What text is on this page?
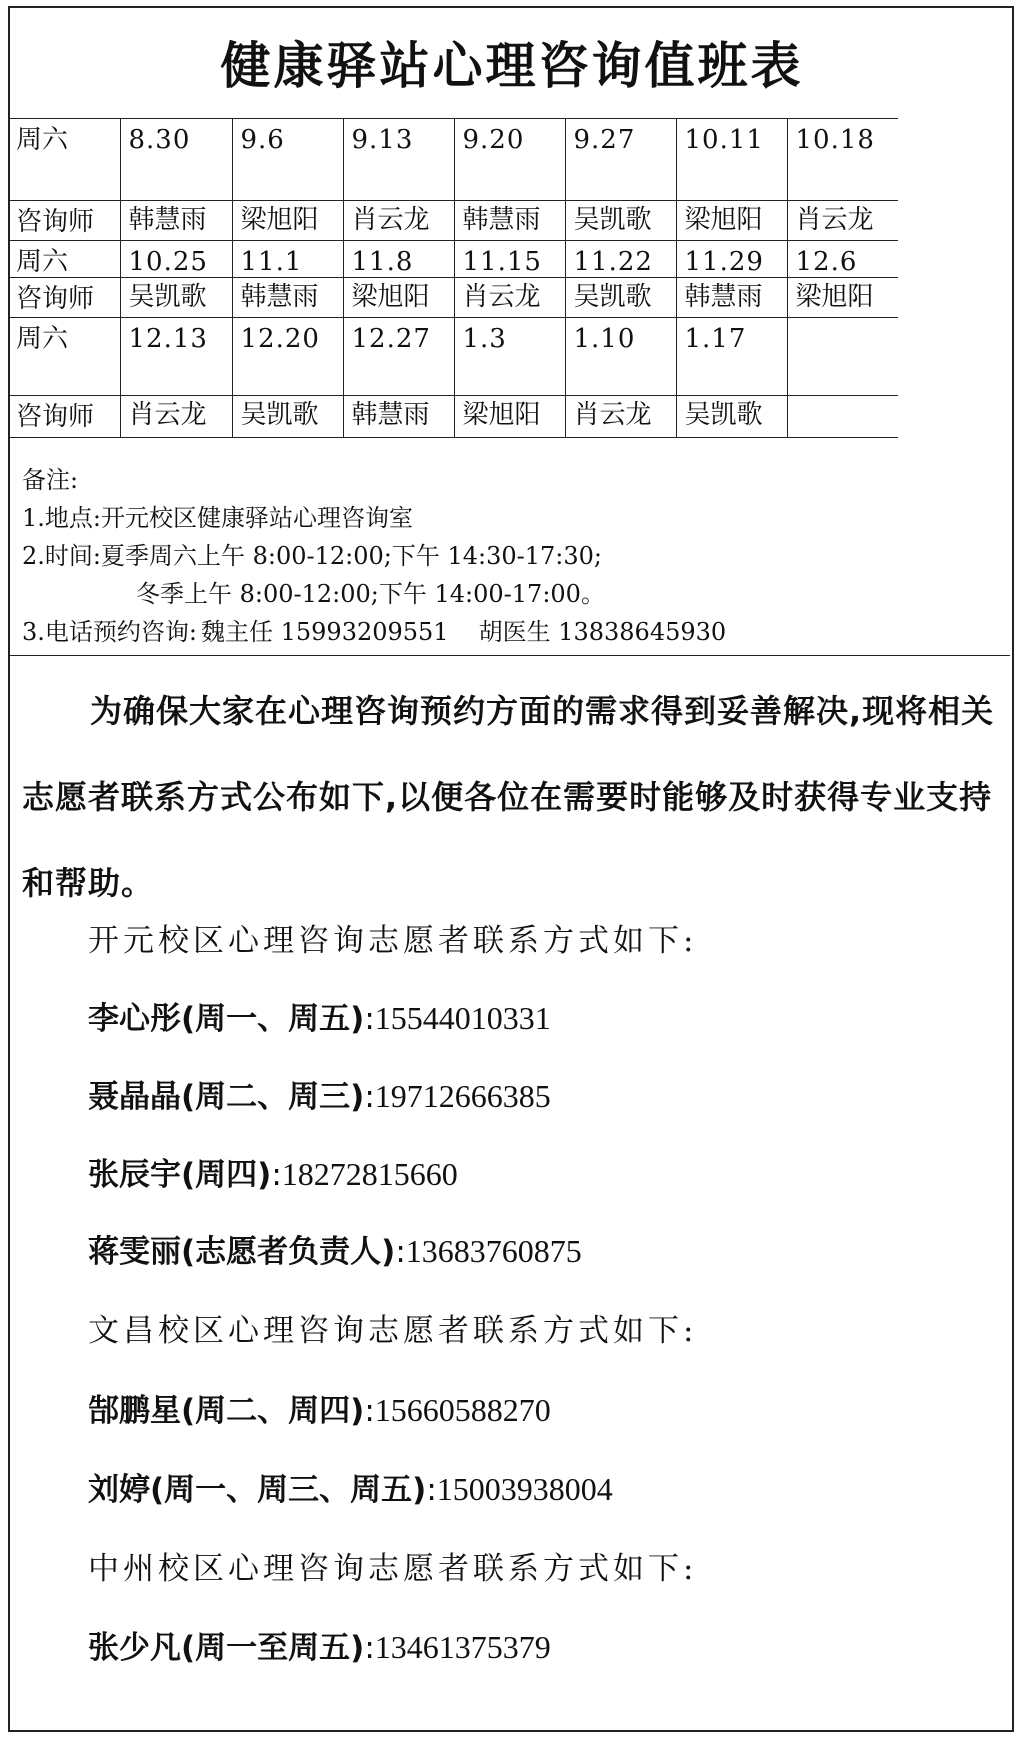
健康驿站心理咨询值班表
周六	8.30	9.6	9.13	9.20	9.27	10.11	10.18
咨询师	韩慧雨	梁旭阳	肖云龙	韩慧雨	吴凯歌	梁旭阳	肖云龙
周六	10.25	11.1	11.8	11.15	11.22	11.29	12.6
咨询师	吴凯歌	韩慧雨	梁旭阳	肖云龙	吴凯歌	韩慧雨	梁旭阳
周六	12.13	12.20	12.27	1.3	1.10	1.17	
咨询师	肖云龙	吴凯歌	韩慧雨	梁旭阳	肖云龙	吴凯歌	
备注:
1.地点:开元校区健康驿站心理咨询室
2.时间:夏季周六上午 8:00-12:00;下午 14:30-17:30;
冬季上午 8:00-12:00;下午 14:00-17:00。
3.电话预约咨询: 魏主任 15993209551 胡医生 13838645930
为确保大家在心理咨询预约方面的需求得到妥善解决,现将相关志愿者联系方式公布如下,以便各位在需要时能够及时获得专业支持和帮助。
开元校区心理咨询志愿者联系方式如下:
李心彤(周一、周五):15544010331
聂晶晶(周二、周三):19712666385
张辰宇(周四):18272815660
蒋雯丽(志愿者负责人):13683760875
文昌校区心理咨询志愿者联系方式如下:
郜鹏星(周二、周四):15660588270
刘婷(周一、周三、周五):15003938004
中州校区心理咨询志愿者联系方式如下:
张少凡(周一至周五):13461375379
